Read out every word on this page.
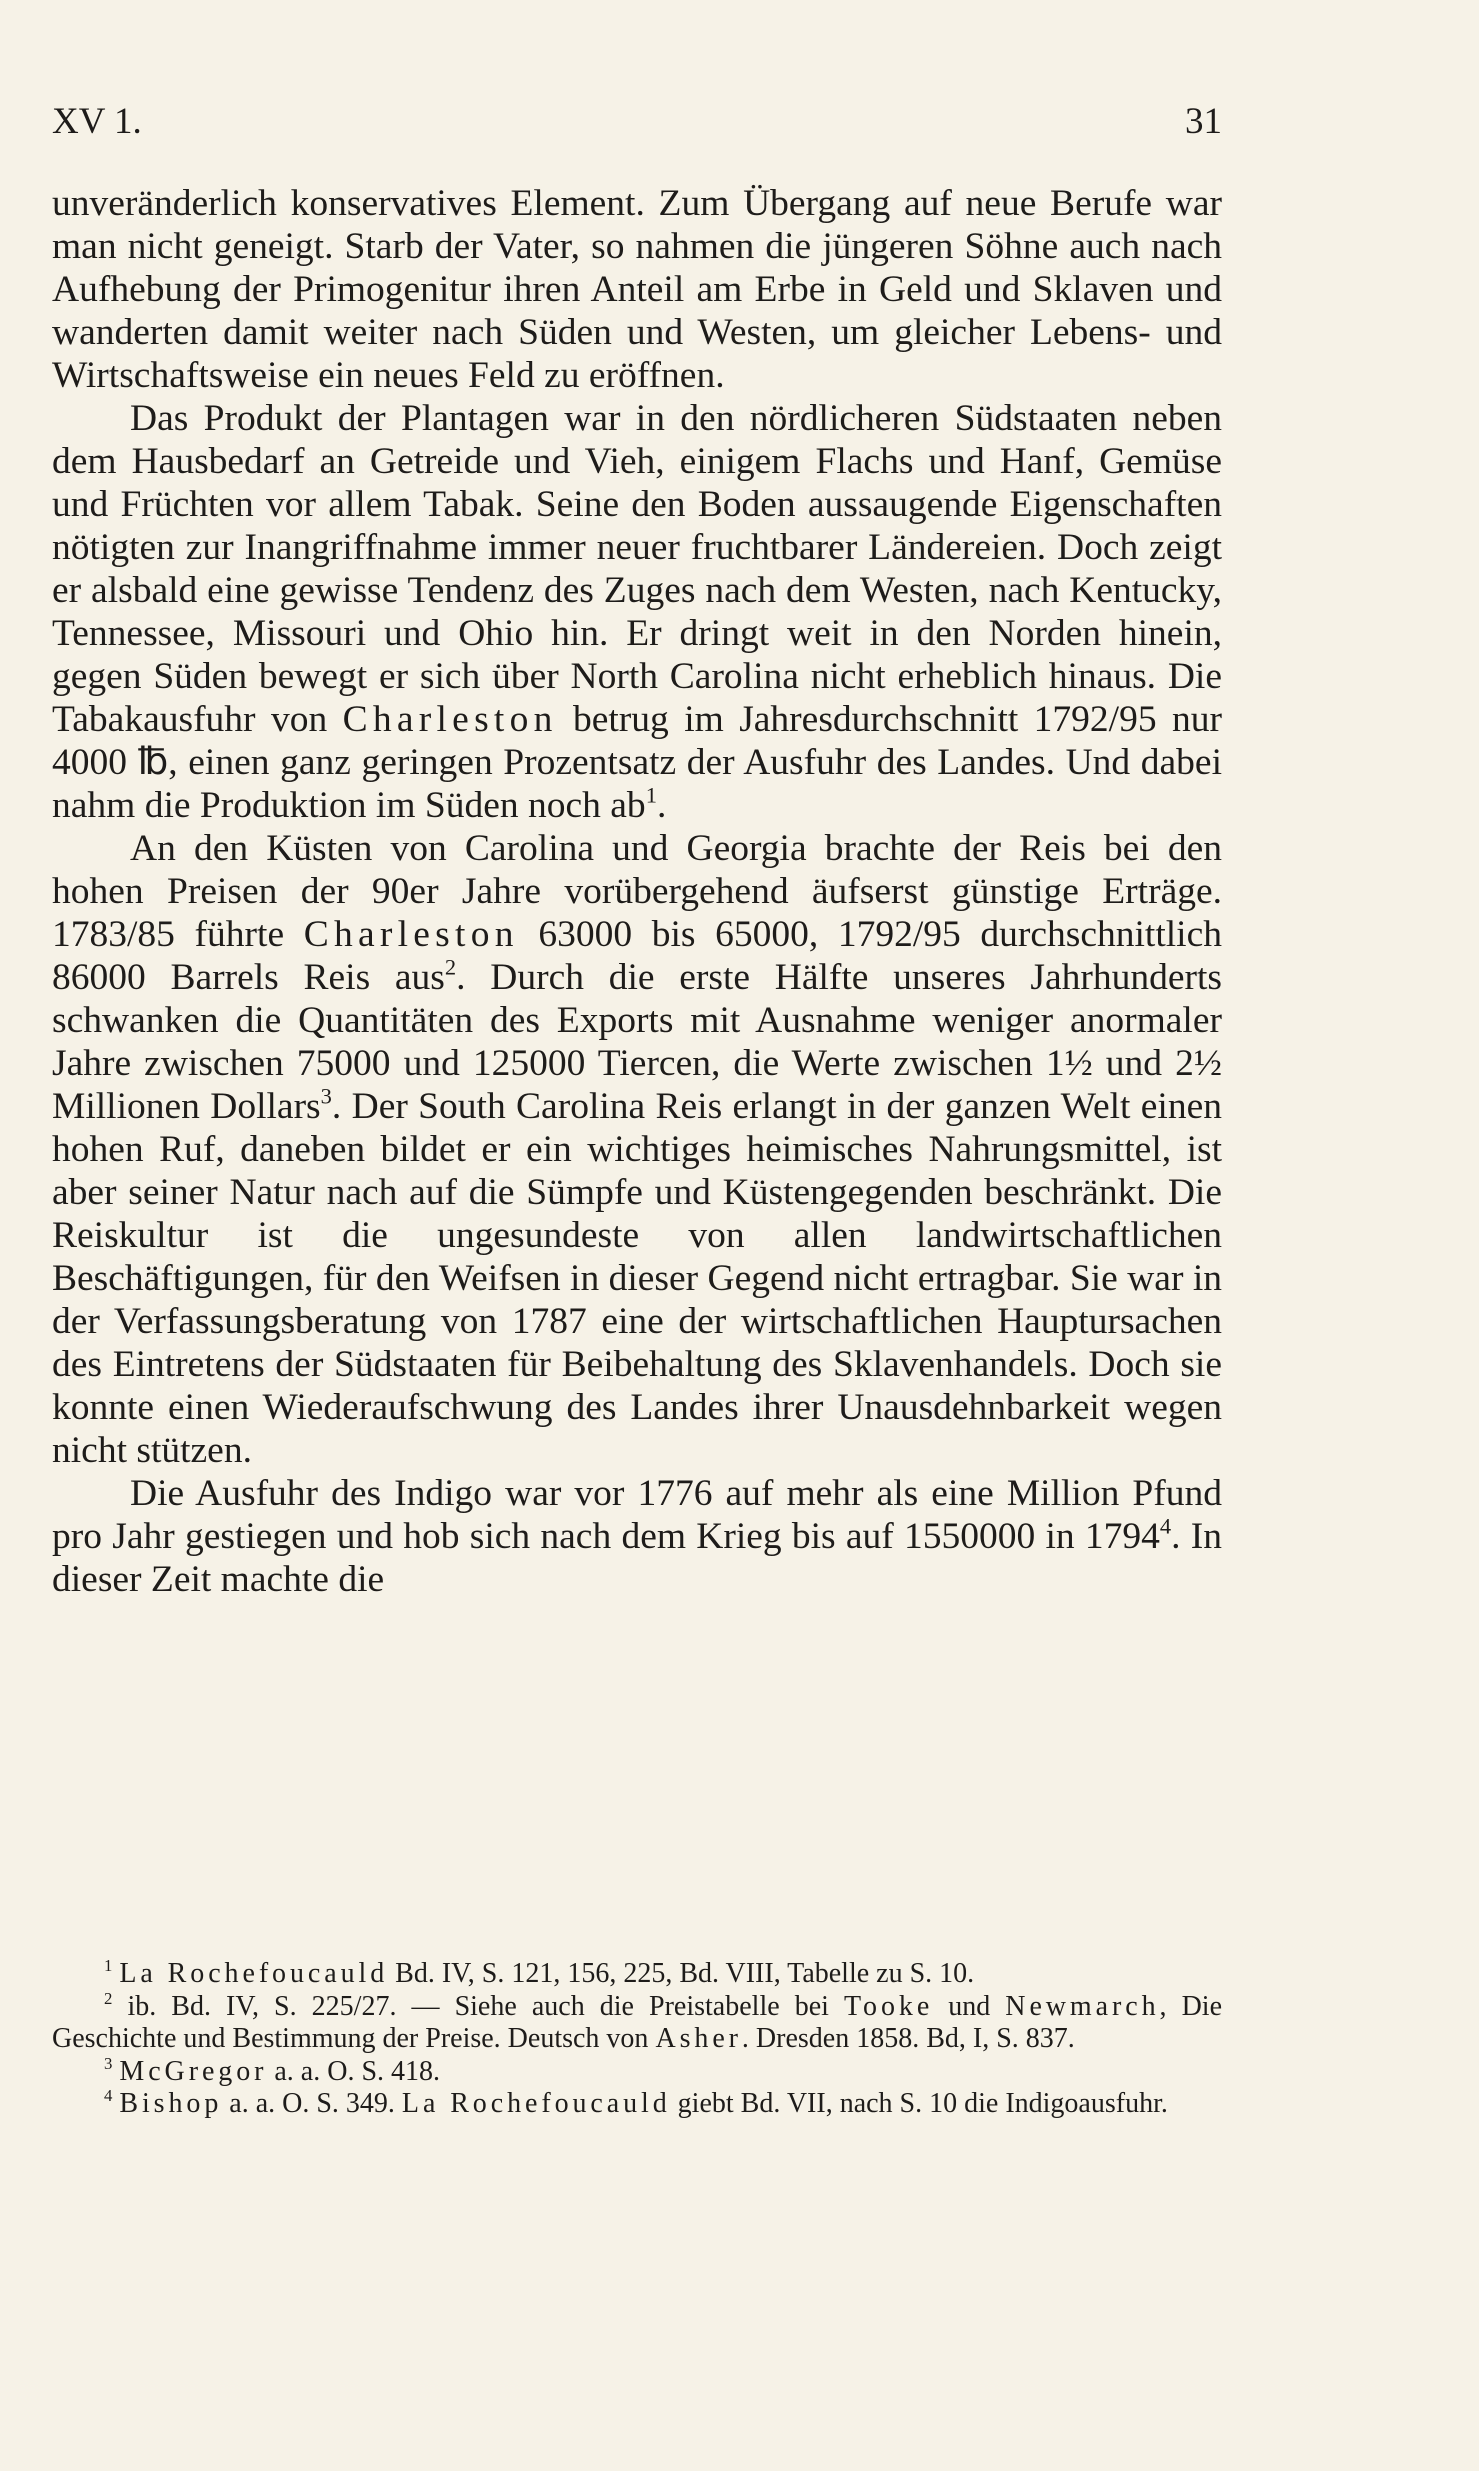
XV 1.	31

unveränderlich konservatives Element. Zum Übergang auf neue Berufe war man nicht geneigt. Starb der Vater, so nahmen die jüngeren Söhne auch nach Aufhebung der Primogenitur ihren Anteil am Erbe in Geld und Sklaven und wanderten damit weiter nach Süden und Westen, um gleicher Lebens- und Wirtschaftsweise ein neues Feld zu eröffnen.

Das Produkt der Plantagen war in den nördlicheren Südstaaten neben dem Hausbedarf an Getreide und Vieh, einigem Flachs und Hanf, Gemüse und Früchten vor allem Tabak. Seine den Boden aussaugende Eigenschaften nötigten zur Inangriffnahme immer neuer fruchtbarer Ländereien. Doch zeigt er alsbald eine gewisse Tendenz des Zuges nach dem Westen, nach Kentucky, Tennessee, Missouri und Ohio hin. Er dringt weit in den Norden hinein, gegen Süden bewegt er sich über North Carolina nicht erheblich hinaus. Die Tabakausfuhr von Charleston betrug im Jahresdurchschnitt 1792/95 nur 4000 ℔, einen ganz geringen Prozentsatz der Ausfuhr des Landes. Und dabei nahm die Produktion im Süden noch $ab^1$.

An den Küsten von Carolina und Georgia brachte der Reis bei den hohen Preisen der 90er Jahre vorübergehend äufserst günstige Erträge. 1783/85 führte Charleston 63000 bis 65000, 1792/95 durchschnittlich 86000 Barrels Reis aus$^2$. Durch die erste Hälfte unseres Jahrhunderts schwanken die Quantitäten des Exports mit Ausnahme weniger anormaler Jahre zwischen 75000 und 125000 Tiercen, die Werte zwischen 1½ und 2½ Millionen Dollars$^3$. Der South Carolina Reis erlangt in der ganzen Welt einen hohen Ruf, daneben bildet er ein wichtiges heimisches Nahrungsmittel, ist aber seiner Natur nach auf die Sümpfe und Küstengegenden beschränkt. Die Reiskultur ist die ungesundeste von allen landwirtschaftlichen Beschäftigungen, für den Weifsen in dieser Gegend nicht ertragbar. Sie war in der Verfassungsberatung von 1787 eine der wirtschaftlichen Hauptursachen des Eintretens der Südstaaten für Beibehaltung des Sklavenhandels. Doch sie konnte einen Wiederaufschwung des Landes ihrer Unausdehnbarkeit wegen nicht stützen.

Die Ausfuhr des Indigo war vor 1776 auf mehr als eine Million Pfund pro Jahr gestiegen und hob sich nach dem Krieg bis auf 1550000 in 1794$^4$. In dieser Zeit machte die

$^1$ La Rochefoucauld Bd. IV, S. 121, 156, 225, Bd. VIII, Tabelle zu S. 10.

$^2$ ib. Bd. IV, S. 225/27. — Siehe auch die Preistabelle bei Tooke und Newmarch, Die Geschichte und Bestimmung der Preise. Deutsch von Asher. Dresden 1858. Bd, I, S. 837.

$^3$ McGregor a. a. O. S. 418.

$^4$ Bishop a. a. O. S. 349. La Rochefoucauld giebt Bd. VII, nach S. 10 die Indigoausfuhr.
